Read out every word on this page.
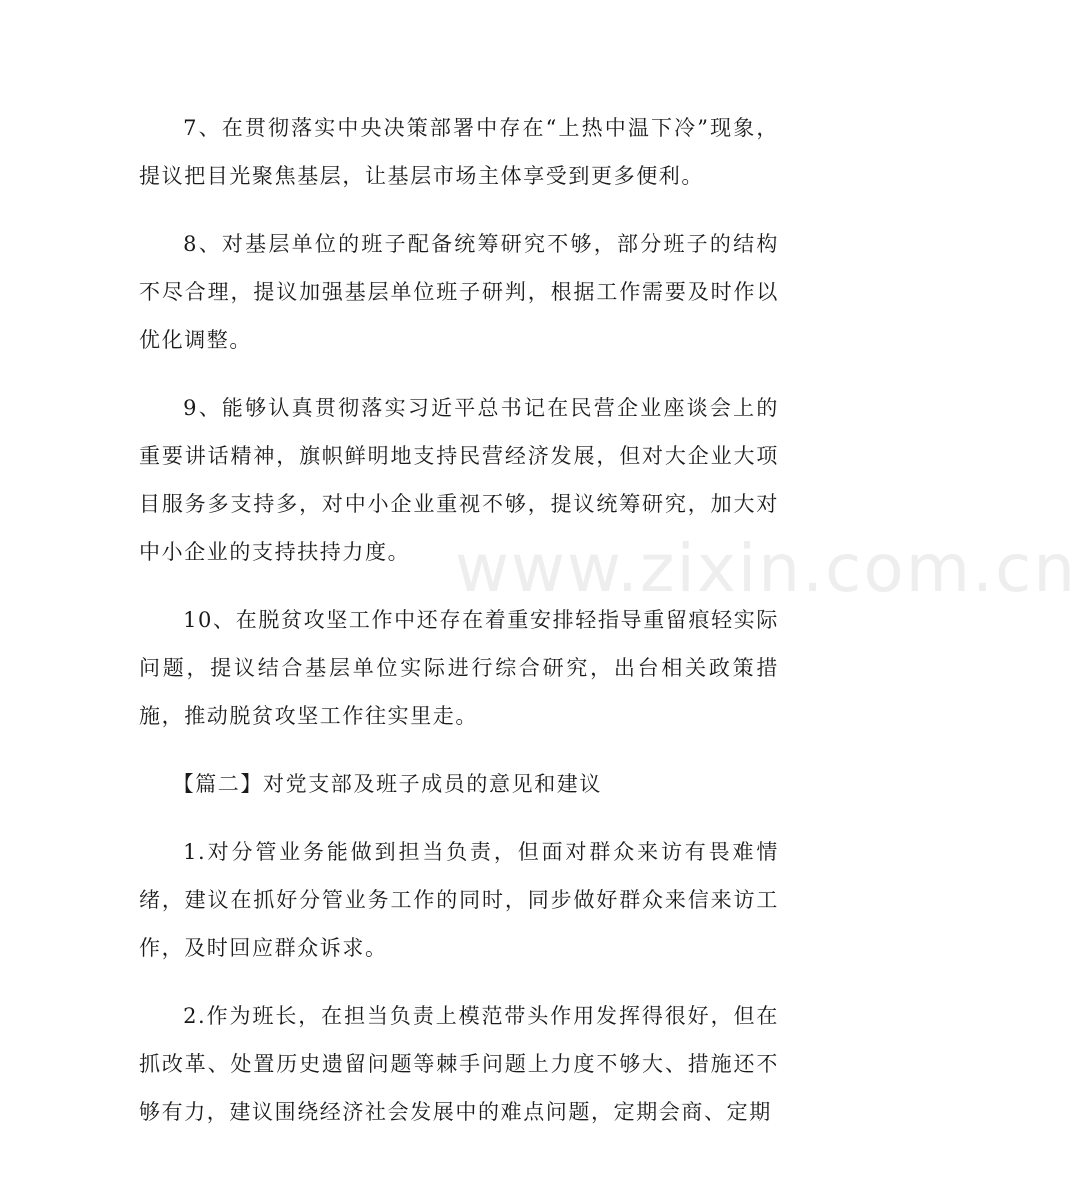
www.zixin.com.cn

7、在贯彻落实中央决策部署中存在“上热中温下冷”现象，提议把目光聚焦基层，让基层市场主体享受到更多便利。

8、对基层单位的班子配备统筹研究不够，部分班子的结构不尽合理，提议加强基层单位班子研判，根据工作需要及时作以优化调整。

9、能够认真贯彻落实习近平总书记在民营企业座谈会上的重要讲话精神，旗帜鲜明地支持民营经济发展，但对大企业大项目服务多支持多，对中小企业重视不够，提议统筹研究，加大对中小企业的支持扶持力度。

10、在脱贫攻坚工作中还存在着重安排轻指导重留痕轻实际问题，提议结合基层单位实际进行综合研究，出台相关政策措施，推动脱贫攻坚工作往实里走。

【篇二】对党支部及班子成员的意见和建议

1.对分管业务能做到担当负责，但面对群众来访有畏难情绪，建议在抓好分管业务工作的同时，同步做好群众来信来访工作，及时回应群众诉求。

2.作为班长，在担当负责上模范带头作用发挥得很好，但在抓改革、处置历史遗留问题等棘手问题上力度不够大、措施还不够有力，建议围绕经济社会发展中的难点问题，定期会商、定期
